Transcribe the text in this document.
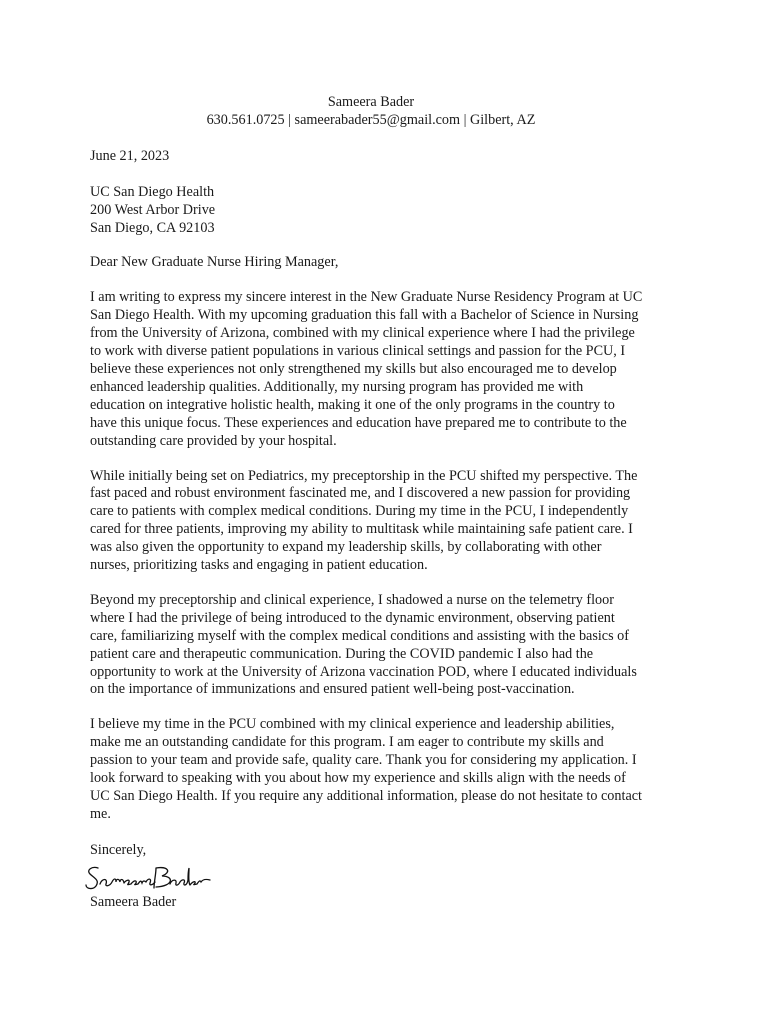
Sameera Bader
630.561.0725 | sameerabader55@gmail.com | Gilbert, AZ

June 21, 2023

UC San Diego Health
200 West Arbor Drive
San Diego, CA 92103

Dear New Graduate Nurse Hiring Manager,

I am writing to express my sincere interest in the New Graduate Nurse Residency Program at UC
San Diego Health. With my upcoming graduation this fall with a Bachelor of Science in Nursing
from the University of Arizona, combined with my clinical experience where I had the privilege
to work with diverse patient populations in various clinical settings and passion for the PCU, I
believe these experiences not only strengthened my skills but also encouraged me to develop
enhanced leadership qualities. Additionally, my nursing program has provided me with
education on integrative holistic health, making it one of the only programs in the country to
have this unique focus. These experiences and education have prepared me to contribute to the
outstanding care provided by your hospital.
While initially being set on Pediatrics, my preceptorship in the PCU shifted my perspective. The
fast paced and robust environment fascinated me, and I discovered a new passion for providing
care to patients with complex medical conditions. During my time in the PCU, I independently
cared for three patients, improving my ability to multitask while maintaining safe patient care. I
was also given the opportunity to expand my leadership skills, by collaborating with other
nurses, prioritizing tasks and engaging in patient education.
Beyond my preceptorship and clinical experience, I shadowed a nurse on the telemetry floor
where I had the privilege of being introduced to the dynamic environment, observing patient
care, familiarizing myself with the complex medical conditions and assisting with the basics of
patient care and therapeutic communication. During the COVID pandemic I also had the
opportunity to work at the University of Arizona vaccination POD, where I educated individuals
on the importance of immunizations and ensured patient well-being post-vaccination.
I believe my time in the PCU combined with my clinical experience and leadership abilities,
make me an outstanding candidate for this program. I am eager to contribute my skills and
passion to your team and provide safe, quality care. Thank you for considering my application. I
look forward to speaking with you about how my experience and skills align with the needs of
UC San Diego Health. If you require any additional information, please do not hesitate to contact
me.

Sincerely,

Sameera Bader
